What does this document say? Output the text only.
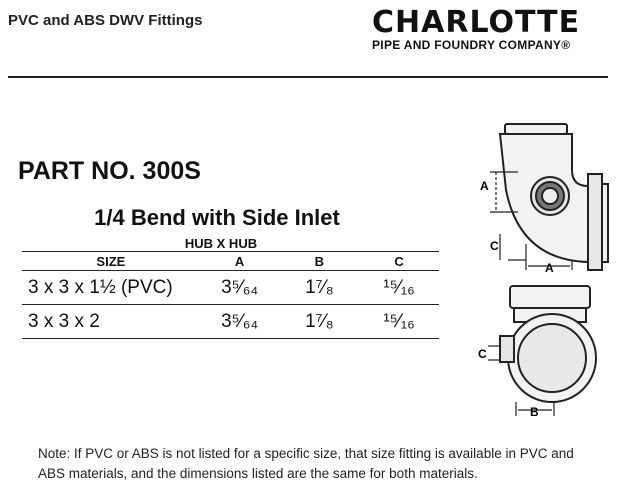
PVC and ABS DWV Fittings	CHARLOTTE
PIPE AND FOUNDRY COMPANY®
PART NO. 300S
1/4 Bend with Side Inlet
HUB X HUB
SIZE	A	B	C
3 x 3 x 1½ (PVC)	3⁵⁄₆₄	1⁷⁄₈	¹⁵⁄₁₆
3 x 3 x 2	3⁵⁄₆₄	1⁷⁄₈	¹⁵⁄₁₆
A
C
A
C
B
Note: If PVC or ABS is not listed for a specific size, that size fitting is available in PVC and ABS materials, and the dimensions listed are the same for both materials.
